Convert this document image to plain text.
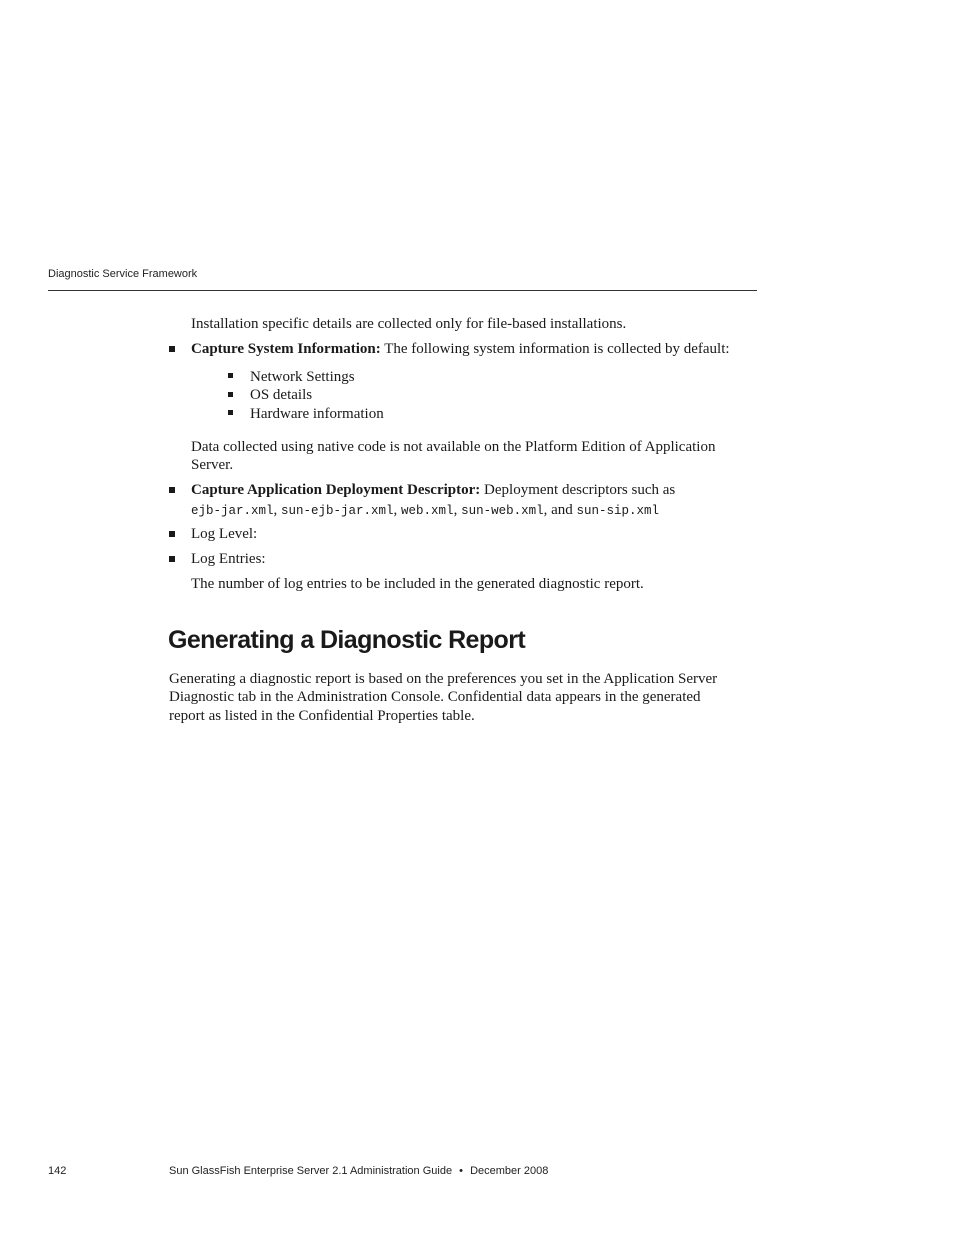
Diagnostic Service Framework

Installation specific details are collected only for file-based installations.

Capture System Information: The following system information is collected by default:

Network Settings

OS details

Hardware information

Data collected using native code is not available on the Platform Edition of Application

Server.

Capture Application Deployment Descriptor: Deployment descriptors such as

ejb-jar.xml, sun-ejb-jar.xml, web.xml, sun-web.xml, and sun-sip.xml

Log Level:

Log Entries:

The number of log entries to be included in the generated diagnostic report.

Generating a Diagnostic Report

Generating a diagnostic report is based on the preferences you set in the Application Server

Diagnostic tab in the Administration Console. Confidential data appears in the generated

report as listed in the Confidential Properties table.

142	Sun GlassFish Enterprise Server 2.1 Administration Guide • December 2008
